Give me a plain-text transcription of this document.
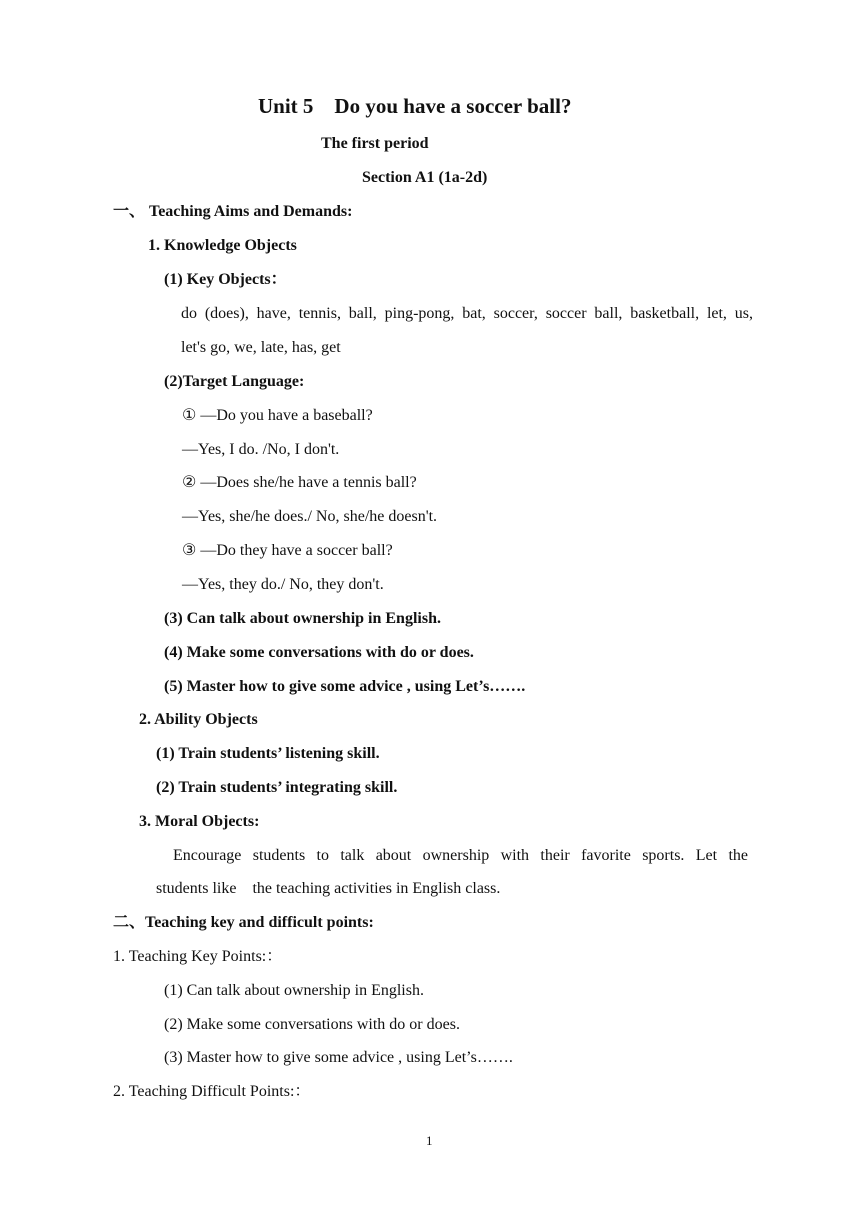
Unit 5    Do you have a soccer ball?
The first period
Section A1 (1a-2d)
一、 Teaching Aims and Demands:
1. Knowledge Objects
(1) Key Objects：
do (does), have, tennis, ball, ping-pong, bat, soccer, soccer ball, basketball, let, us,
let's go, we, late, has, get
(2)Target Language:
① —Do you have a baseball?
—Yes, I do. /No, I don't.
② —Does she/he have a tennis ball?
—Yes, she/he does./ No, she/he doesn't.
③ —Do they have a soccer ball?
—Yes, they do./ No, they don't.
(3) Can talk about ownership in English.
(4) Make some conversations with do or does.
(5) Master how to give some advice , using Let’s…….
2. Ability Objects
(1) Train students’ listening skill.
(2) Train students’ integrating skill.
3. Moral Objects:
Encourage students to talk about ownership with their favorite sports. Let the
students like    the teaching activities in English class.
二、Teaching key and difficult points:
1. Teaching Key Points:：
(1) Can talk about ownership in English.
(2) Make some conversations with do or does.
(3) Master how to give some advice , using Let’s…….
2. Teaching Difficult Points:：
1
